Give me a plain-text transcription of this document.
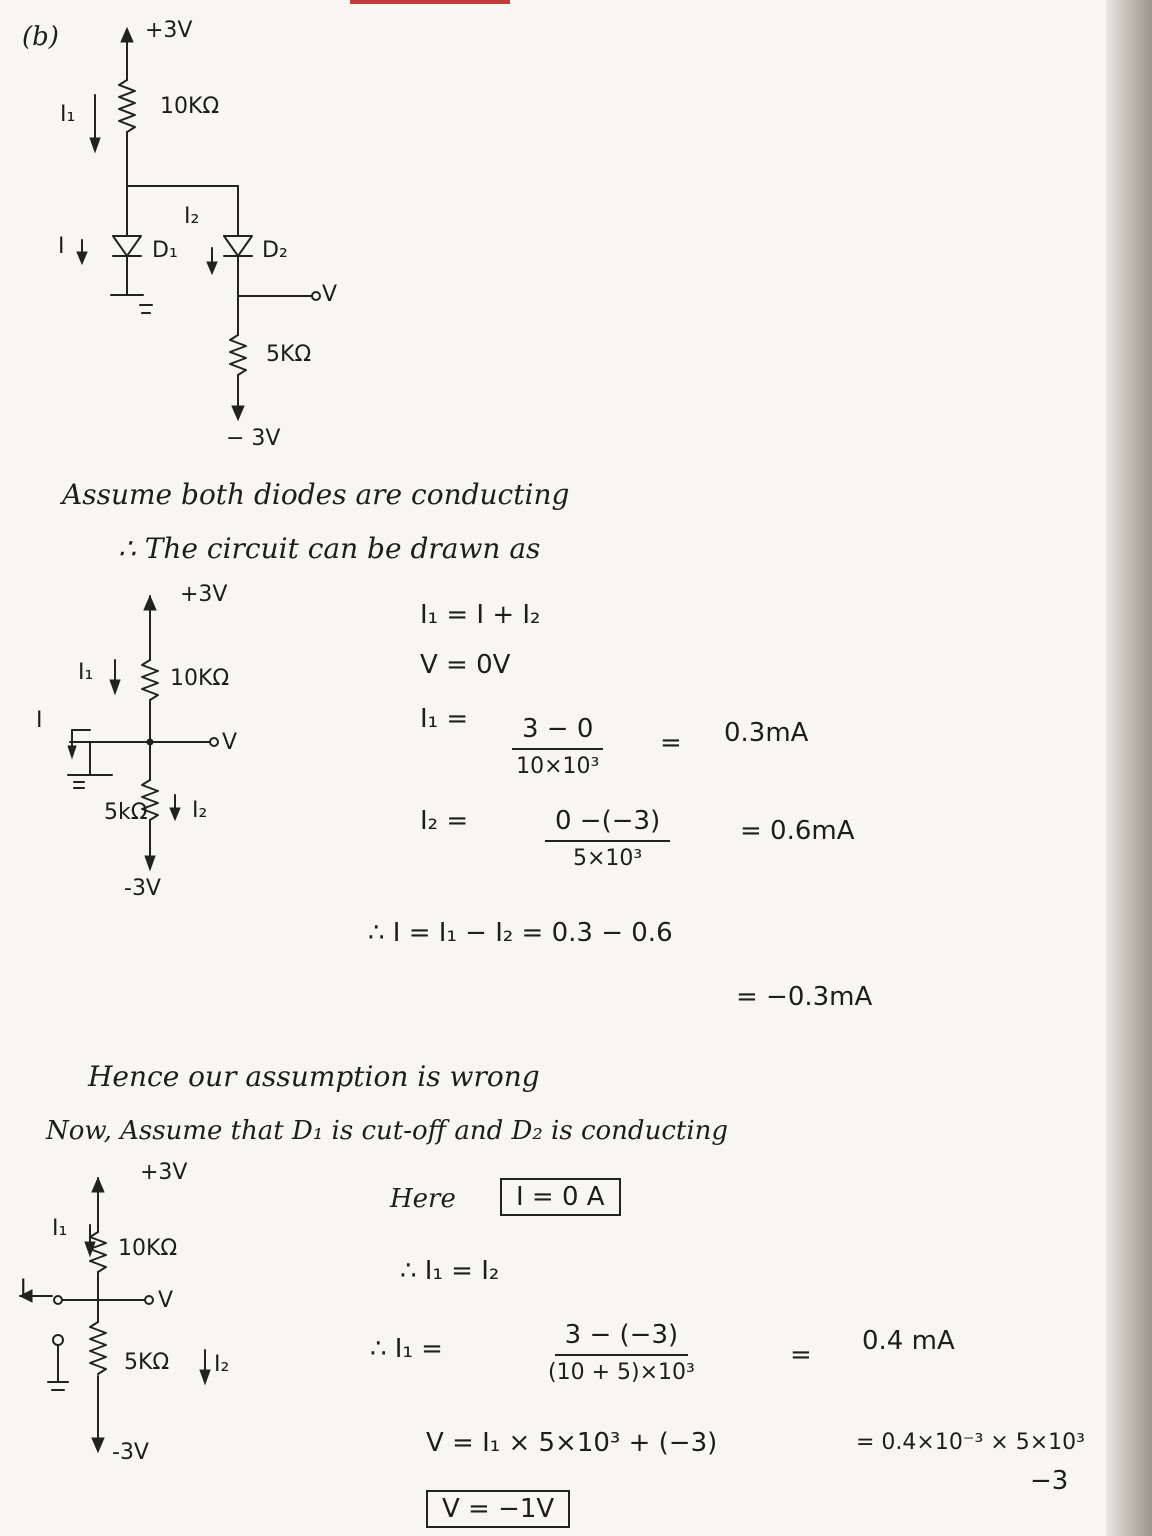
(b)	+3V
10KΩ
I₁
I
I₂
D₁	D₂
V
5KΩ
− 3V
Assume both diodes are conducting
∴ The circuit can be drawn as
+3V
10KΩ
I₁
I
V
5kΩ I₂
-3V
I₁ = I + I₂
V = 0V
I₁ =	3 − 0
10×10³
= 0.3mA
I₂ =	0 −(−3)
5×10³
= 0.6mA
∴ I = I₁ − I₂ = 0.3 − 0.6
= −0.3mA
Hence our assumption is wrong
Now, Assume that D₁ is cut-off and D₂ is conducting
+3V
10KΩ
I₁
I	V
5KΩ I₂
-3V
Here	I = 0 A
∴ I₁ = I₂
∴ I₁ =	3 − (−3)
(10 + 5)×10³
= 0.4 mA
V = I₁ × 5×10³ + (−3)	= 0.4×10⁻³ × 5×10³
−3
V = −1V
